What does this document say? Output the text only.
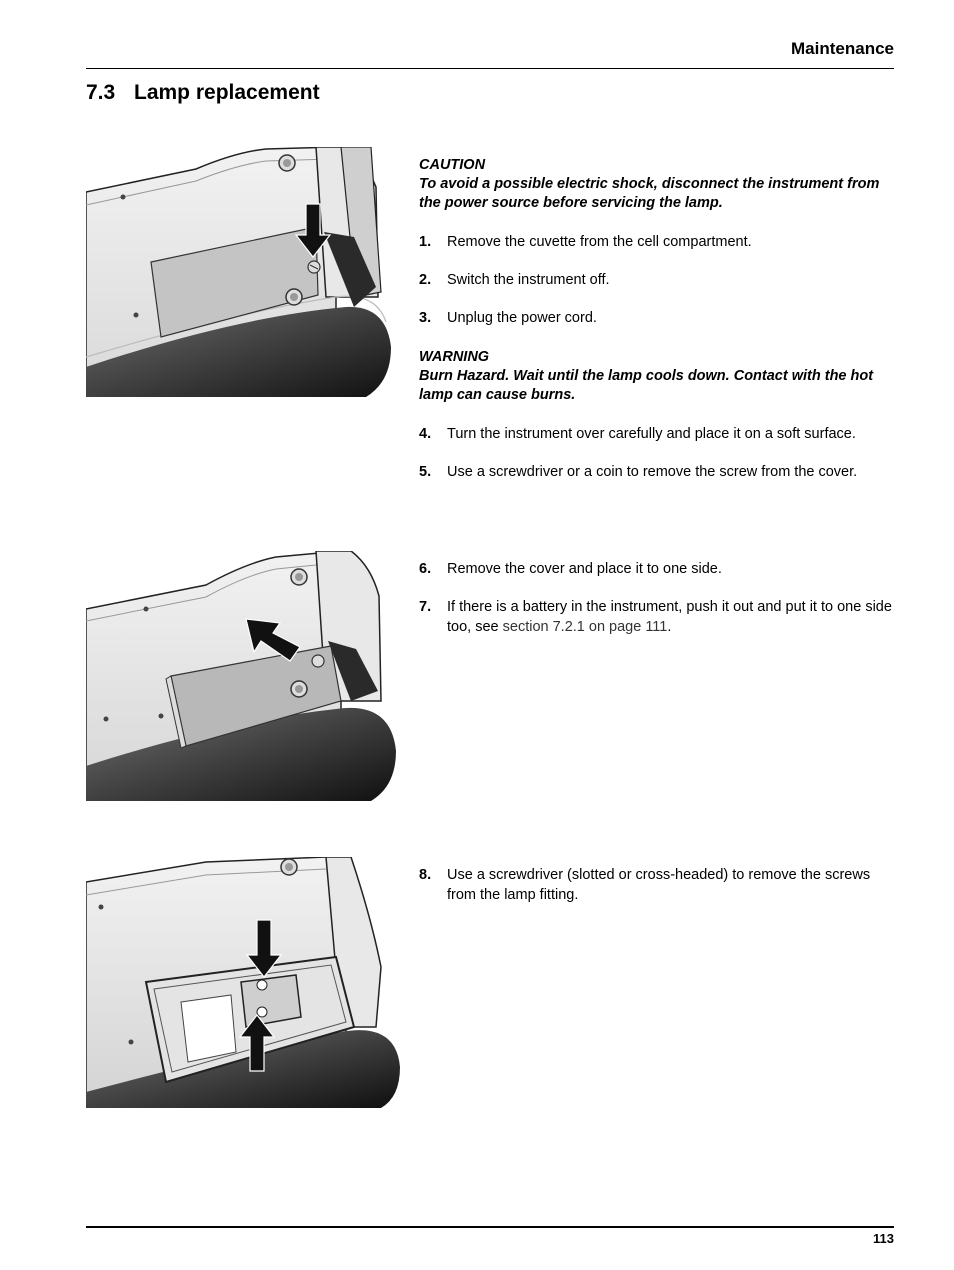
Maintenance
7.3 Lamp replacement
CAUTION
To avoid a possible electric shock, disconnect the instrument from the power source before servicing the lamp.
1.	Remove the cuvette from the cell compartment.
2.	Switch the instrument off.
3.	Unplug the power cord.
WARNING
Burn Hazard. Wait until the lamp cools down. Contact with the hot lamp can cause burns.
4.	Turn the instrument over carefully and place it on a soft surface.
5.	Use a screwdriver or a coin to remove the screw from the cover.
6.	Remove the cover and place it to one side.
7.	If there is a battery in the instrument, push it out and put it to one side too, see section 7.2.1 on page 111.
8.	Use a screwdriver (slotted or cross-headed) to remove the screws from the lamp fitting.
113
